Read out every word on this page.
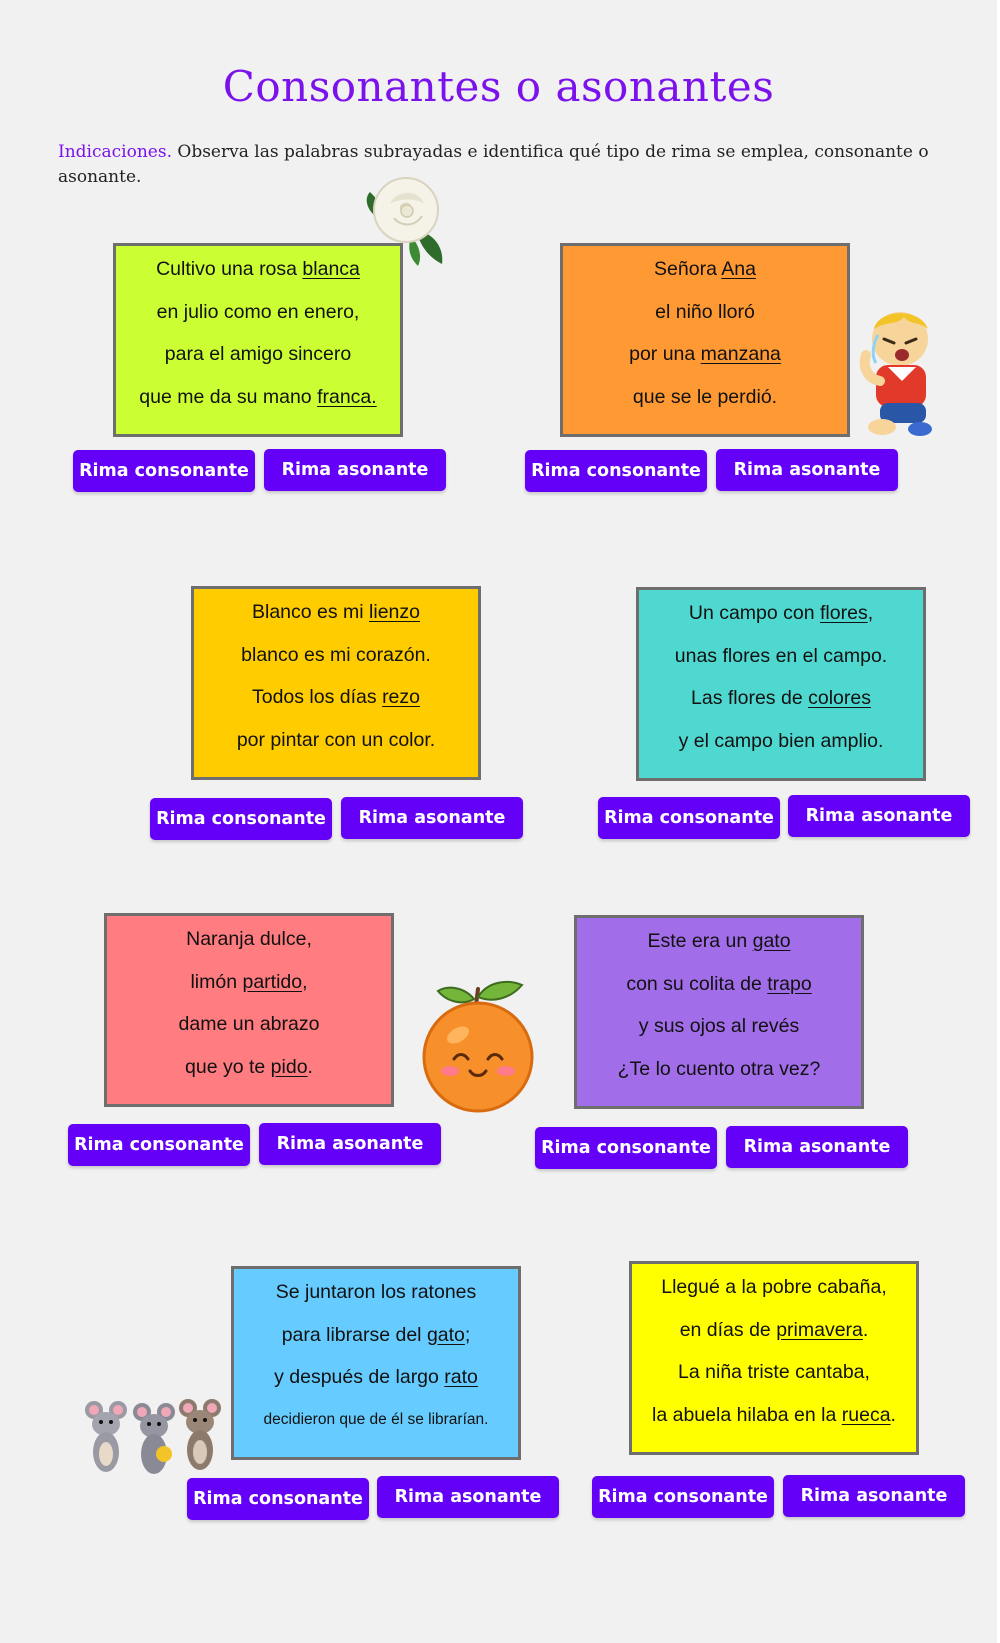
Consonantes o asonantes
Indicaciones. Observa las palabras subrayadas e identifica qué tipo de rima se emplea, consonante o asonante.
Cultivo una rosa blanca
en julio como en enero,
para el amigo sincero
que me da su mano franca.
Rima consonante	Rima asonante
Señora Ana
el niño lloró
por una manzana
que se le perdió.
Rima consonante	Rima asonante
Blanco es mi lienzo
blanco es mi corazón.
Todos los días rezo
por pintar con un color.
Rima consonante	Rima asonante
Un campo con flores,
unas flores en el campo.
Las flores de colores
y el campo bien amplio.
Rima consonante	Rima asonante
Naranja dulce,
limón partido,
dame un abrazo
que yo te pido.
Rima consonante	Rima asonante
Este era un gato
con su colita de trapo
y sus ojos al revés
¿Te lo cuento otra vez?
Rima consonante	Rima asonante
Se juntaron los ratones
para librarse del gato;
y después de largo rato
decidieron que de él se librarían.
Rima consonante	Rima asonante
Llegué a la pobre cabaña,
en días de primavera.
La niña triste cantaba,
la abuela hilaba en la rueca.
Rima consonante	Rima asonante
